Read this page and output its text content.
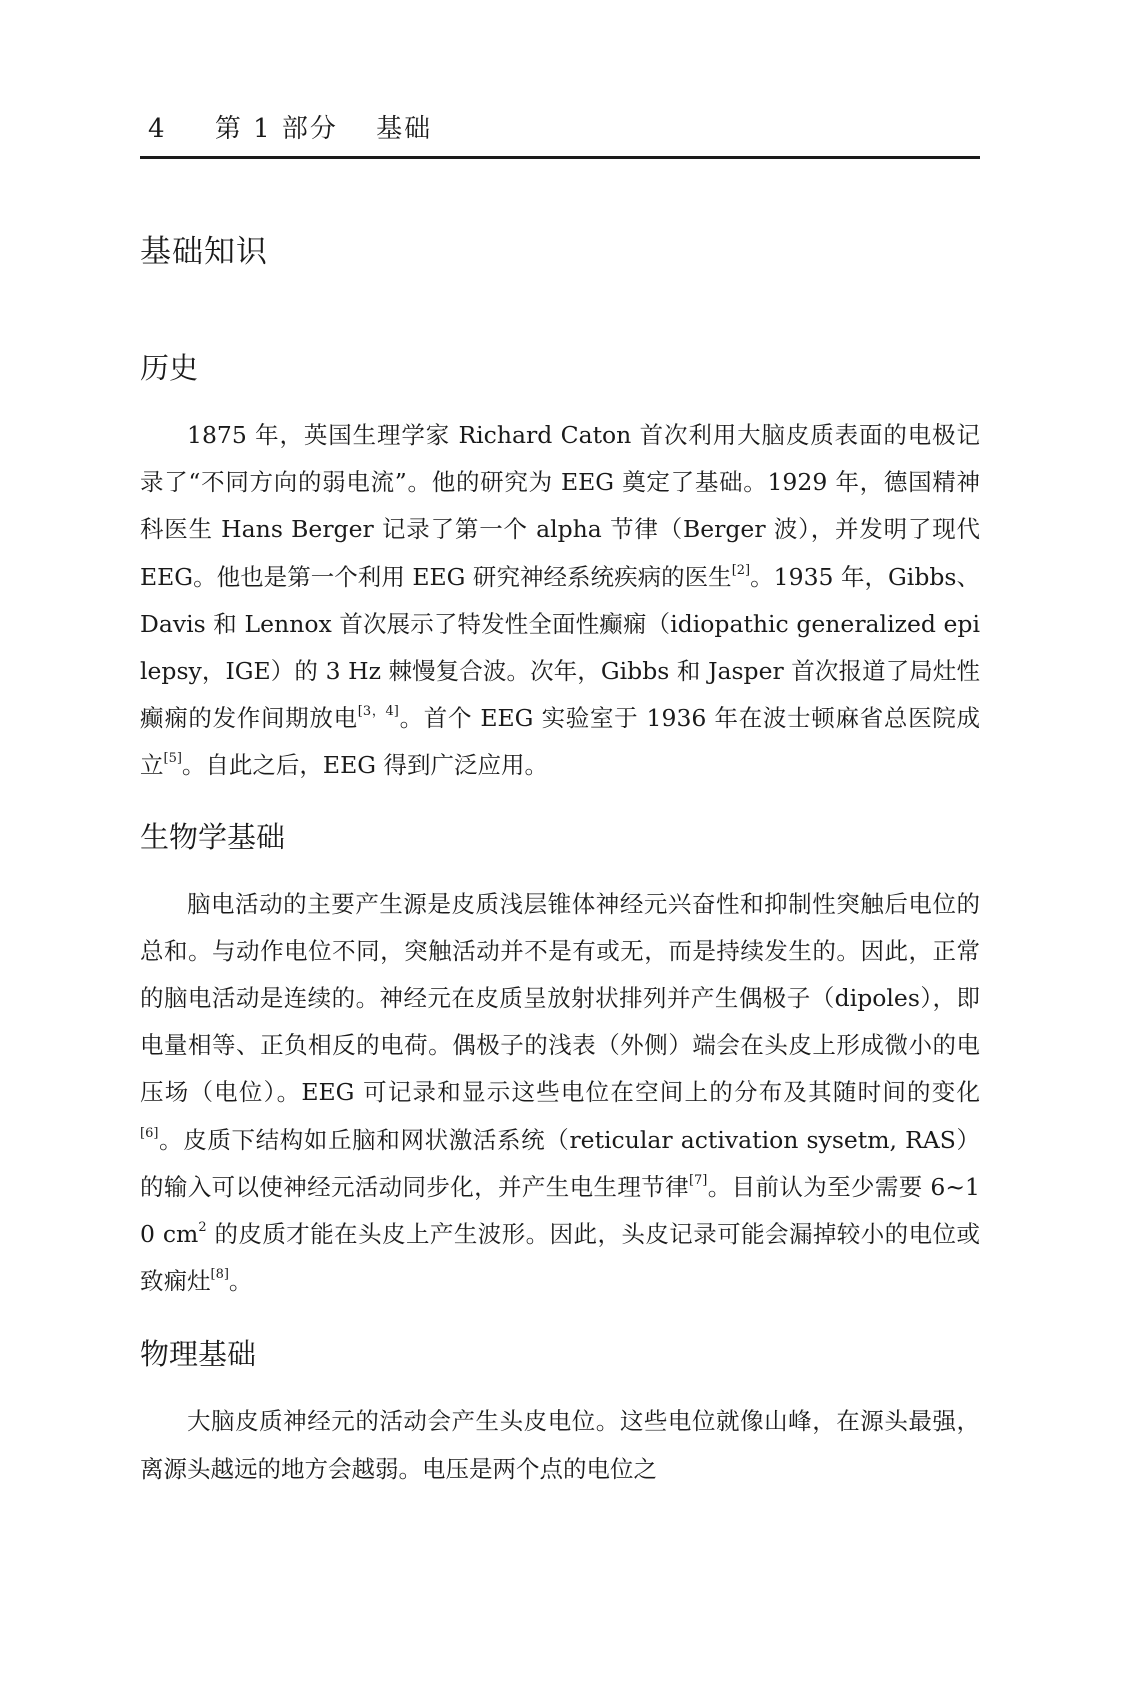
4 第 1 部分 基础
基础知识
历史

1875 年，英国生理学家 Richard Caton 首次利用大脑皮质表面的电极记录了“不同方向的弱电流”。他的研究为 EEG 奠定了基础。1929 年，德国精神科医生 Hans Berger 记录了第一个 alpha 节律（Berger 波），并发明了现代 EEG。他也是第一个利用 EEG 研究神经系统疾病的医生[2]。1935 年，Gibbs、Davis 和 Lennox 首次展示了特发性全面性癫痫（idiopathic generalized epilepsy，IGE）的 3 Hz 棘慢复合波。次年，Gibbs 和 Jasper 首次报道了局灶性癫痫的发作间期放电[3，4]。首个 EEG 实验室于 1936 年在波士顿麻省总医院成立[5]。自此之后，EEG 得到广泛应用。

生物学基础

脑电活动的主要产生源是皮质浅层锥体神经元兴奋性和抑制性突触后电位的总和。与动作电位不同，突触活动并不是有或无，而是持续发生的。因此，正常的脑电活动是连续的。神经元在皮质呈放射状排列并产生偶极子（dipoles），即电量相等、正负相反的电荷。偶极子的浅表（外侧）端会在头皮上形成微小的电压场（电位）。EEG 可记录和显示这些电位在空间上的分布及其随时间的变化[6]。皮质下结构如丘脑和网状激活系统（reticular activation sysetm, RAS）的输入可以使神经元活动同步化，并产生电生理节律[7]。目前认为至少需要 6~10 $cm^2$ 的皮质才能在头皮上产生波形。因此，头皮记录可能会漏掉较小的电位或致痫灶[8]。

物理基础

大脑皮质神经元的活动会产生头皮电位。这些电位就像山峰，在源头最强，离源头越远的地方会越弱。电压是两个点的电位之
